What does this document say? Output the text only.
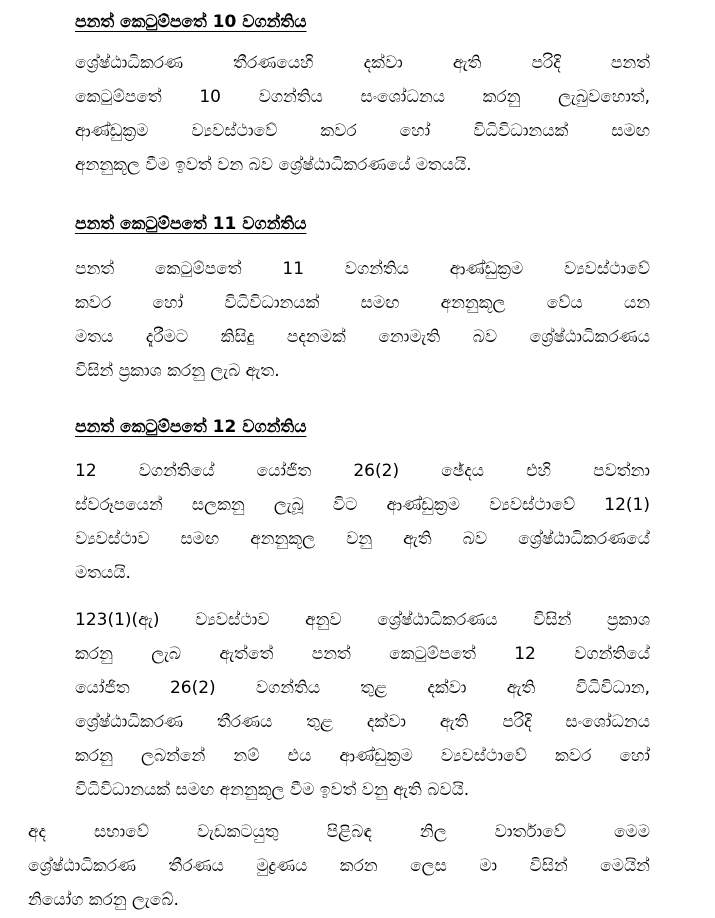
පනත් කෙටුම්පතේ 10 වගන්තිය
ශ්‍රේෂ්ඨාධිකරණ තීරණයෙහි දක්වා ඇති පරිදි පනත්
කෙටුම්පතේ 10 වගන්තිය සංශෝධනය කරනු ලැබුවහොත්,
ආණ්ඩුක්‍රම ව්‍යවස්ථාවේ කවර හෝ විධිවිධානයක් සමඟ
අනනුකූල වීම ඉවත් වන බව ශ්‍රේෂ්ඨාධිකරණයේ මතයයි.
පනත් කෙටුම්පතේ 11 වගන්තිය
පනත් කෙටුම්පතේ 11 වගන්තිය ආණ්ඩුක්‍රම ව්‍යවස්ථාවේ
කවර හෝ විධිවිධානයක් සමඟ අනනුකූල වේය යන
මතය දැරීමට කිසිදු පදනමක් නොමැති බව ශ්‍රේෂ්ඨාධිකරණය
විසින් ප්‍රකාශ කරනු ලැබ ඇත.
පනත් කෙටුම්පතේ 12 වගන්තිය
12 වගන්තියේ යෝජිත 26(2) ඡේදය එහි පවත්නා
ස්වරූපයෙන් සලකනු ලැබූ විට ආණ්ඩුක්‍රම ව්‍යවස්ථාවේ 12(1)
ව්‍යවස්ථාව සමඟ අනනුකූල වනු ඇති බව ශ්‍රේෂ්ඨාධිකරණයේ
මතයයි.
123(1)(ඇ) ව්‍යවස්ථාව අනුව ශ්‍රේෂ්ඨාධිකරණය විසින් ප්‍රකාශ
කරනු ලැබ ඇත්තේ පනත් කෙටුම්පතේ 12 වගන්තියේ
යෝජිත 26(2) වගන්තිය තුළ දක්වා ඇති විධිවිධාන,
ශ්‍රේෂ්ඨාධිකරණ තීරණය තුළ දක්වා ඇති පරිදි සංශෝධනය
කරනු ලබන්නේ නම් එය ආණ්ඩුක්‍රම ව්‍යවස්ථාවේ කවර හෝ
විධිවිධානයක් සමඟ අනනුකූල වීම ඉවත් වනු ඇති බවයි.
අද සභාවේ වැඩකටයුතු පිළිබඳ නිල වාර්තාවේ මෙම
ශ්‍රේෂ්ඨාධිකරණ තීරණය මුද්‍රණය කරන ලෙස මා විසින් මෙයින්
නියෝග කරනු ලැබේ.
